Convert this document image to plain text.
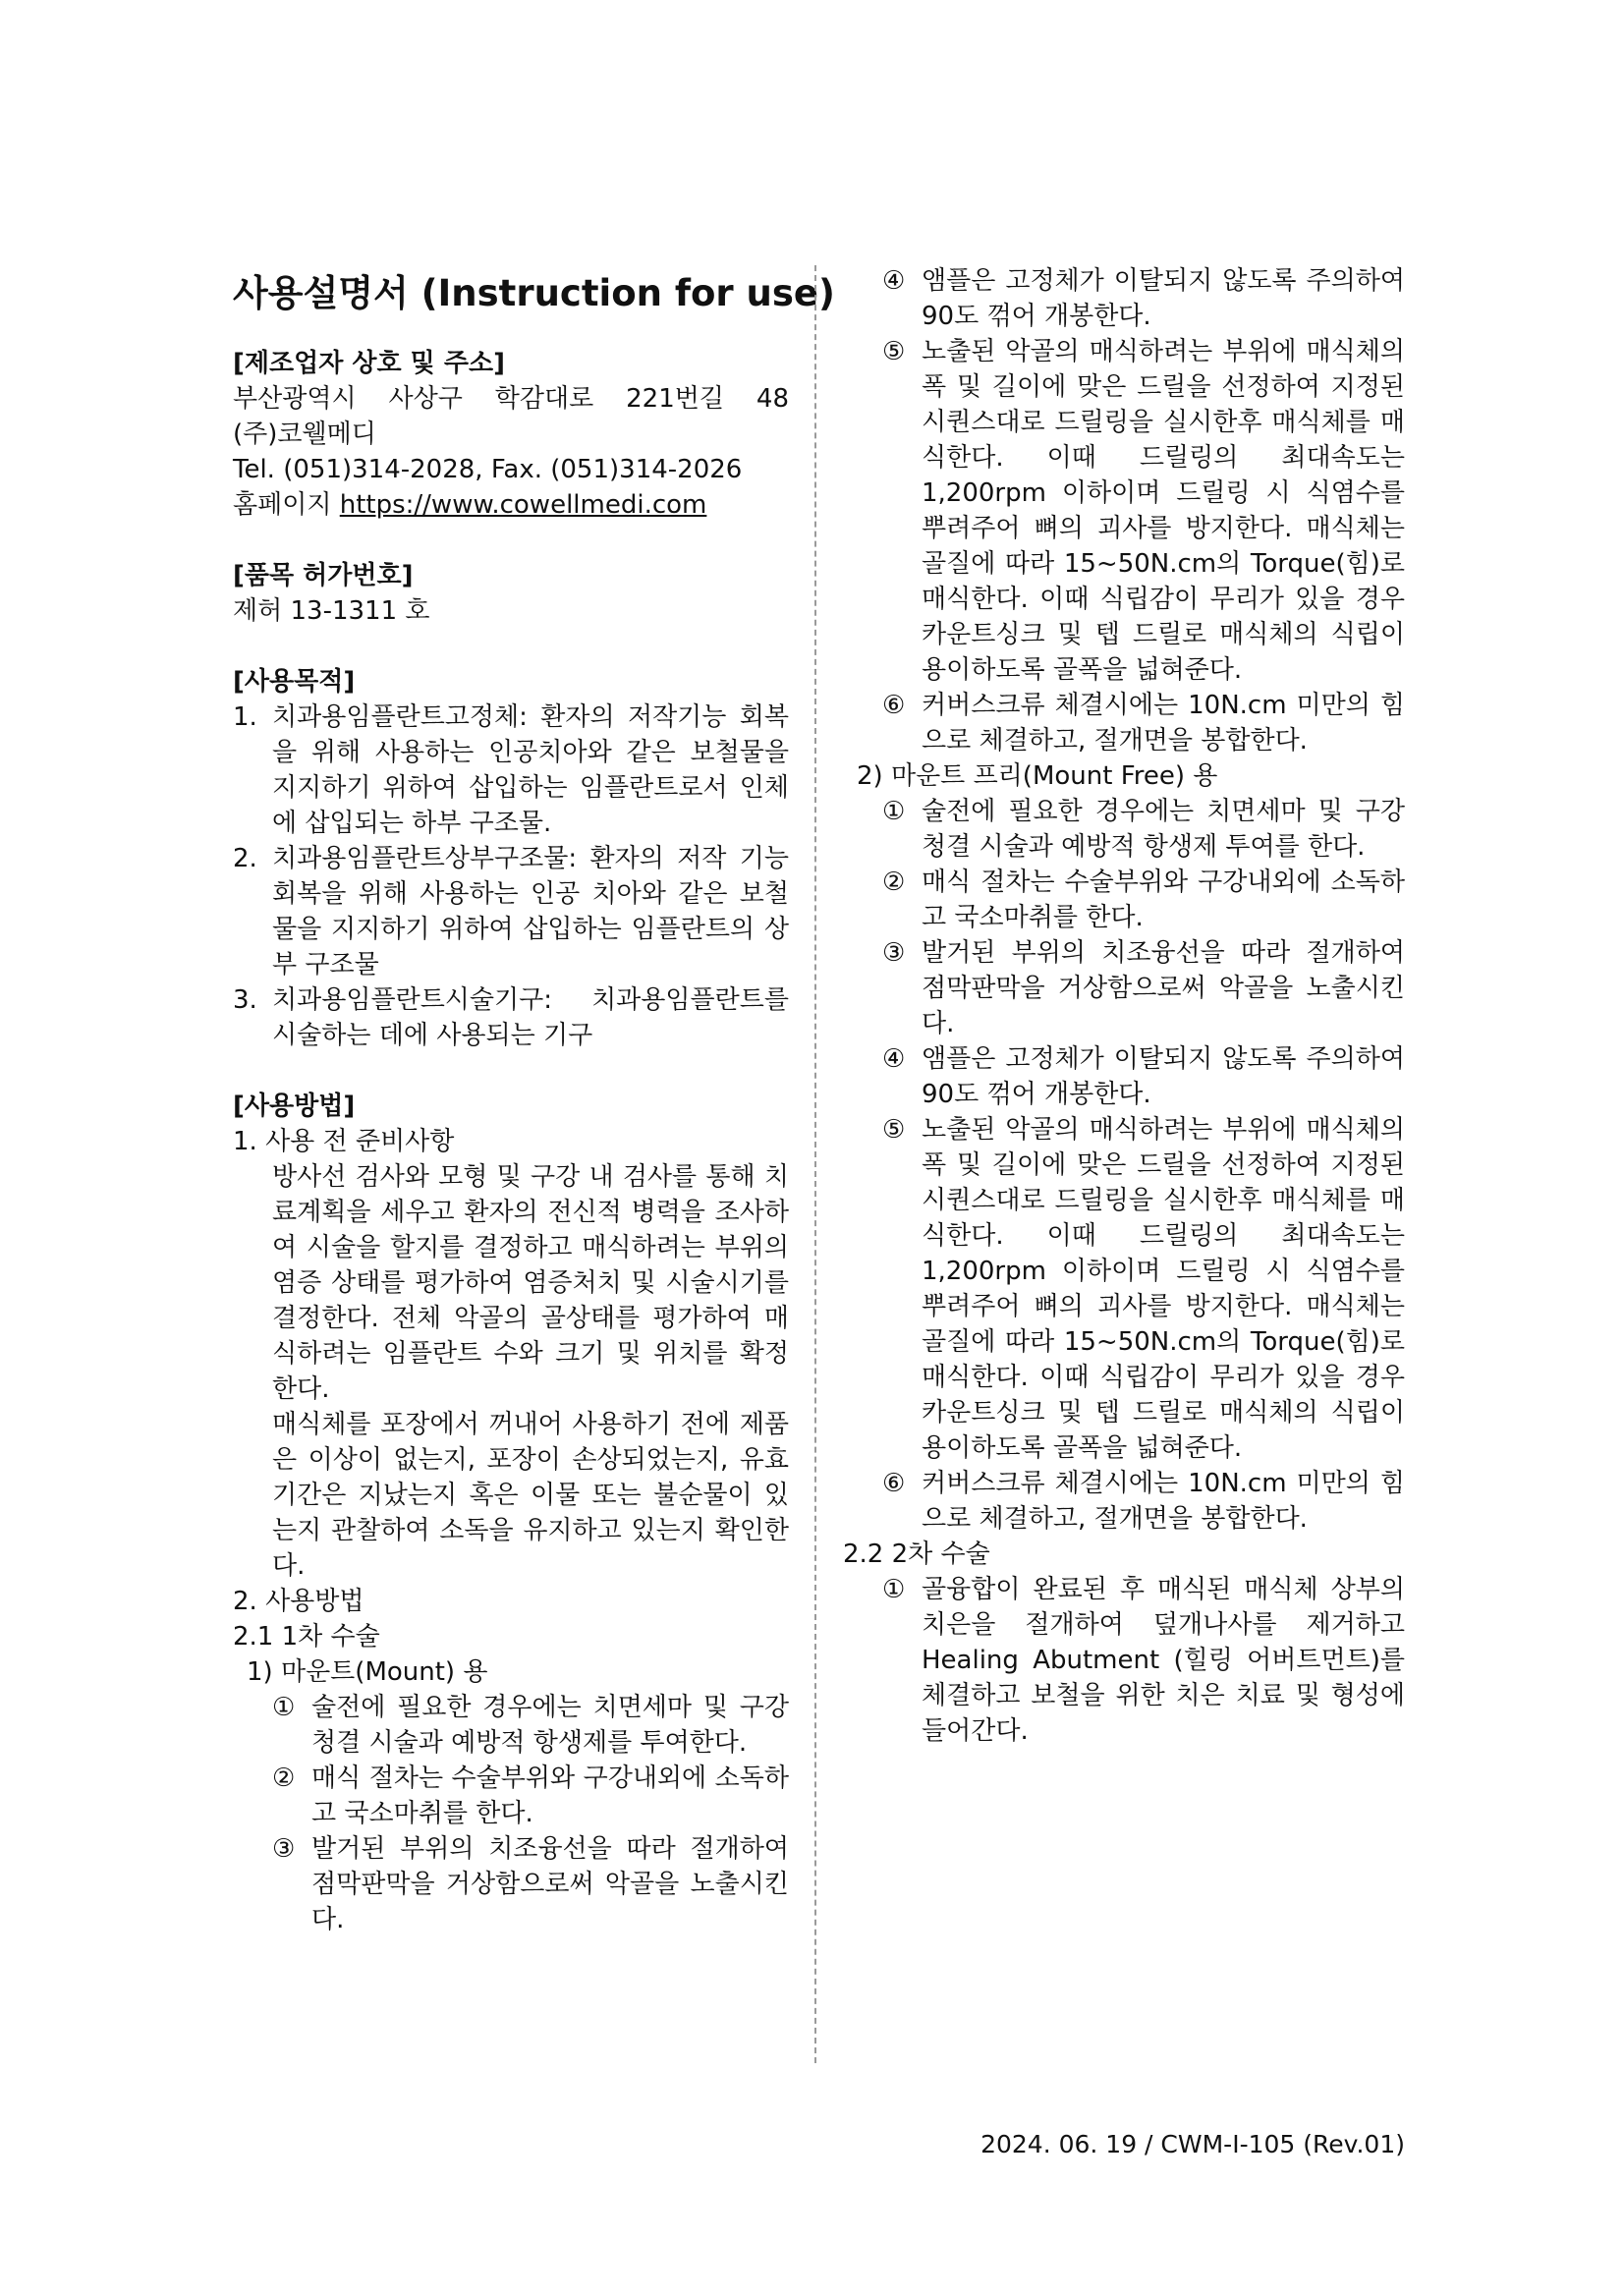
사용설명서 (Instruction for use)

[제조업자 상호 및 주소]

부산광역시 사상구 학감대로 221번길 48

(주)코웰메디

Tel. (051)314-2028, Fax. (051)314-2026

홈페이지 https://www.cowellmedi.com

[품목 허가번호]

제허 13-1311 호

[사용목적]

1. 치과용임플란트고정체: 환자의 저작기능 회복을 위해 사용하는 인공치아와 같은 보철물을 지지하기 위하여 삽입하는 임플란트로서 인체에 삽입되는 하부 구조물.
2. 치과용임플란트상부구조물: 환자의 저작 기능 회복을 위해 사용하는 인공 치아와 같은 보철물을 지지하기 위하여 삽입하는 임플란트의 상부 구조물
3. 치과용임플란트시술기구: 치과용임플란트를 시술하는 데에 사용되는 기구

[사용방법]

1. 사용 전 준비사항

방사선 검사와 모형 및 구강 내 검사를 통해 치료계획을 세우고 환자의 전신적 병력을 조사하여 시술을 할지를 결정하고 매식하려는 부위의 염증 상태를 평가하여 염증처치 및 시술시기를 결정한다. 전체 악골의 골상태를 평가하여 매식하려는 임플란트 수와 크기 및 위치를 확정한다.

매식체를 포장에서 꺼내어 사용하기 전에 제품은 이상이 없는지, 포장이 손상되었는지, 유효기간은 지났는지 혹은 이물 또는 불순물이 있는지 관찰하여 소독을 유지하고 있는지 확인한다.

2. 사용방법

2.1 1차 수술

1) 마운트(Mount) 용

① 술전에 필요한 경우에는 치면세마 및 구강청결 시술과 예방적 항생제를 투여한다.
② 매식 절차는 수술부위와 구강내외에 소독하고 국소마취를 한다.
③ 발거된 부위의 치조융선을 따라 절개하여 점막판막을 거상함으로써 악골을 노출시킨다.
④ 앰플은 고정체가 이탈되지 않도록 주의하여 90도 꺾어 개봉한다.
⑤ 노출된 악골의 매식하려는 부위에 매식체의 폭 및 길이에 맞은 드릴을 선정하여 지정된 시퀀스대로 드릴링을 실시한후 매식체를 매식한다. 이때 드릴링의 최대속도는 1,200rpm 이하이며 드릴링 시 식염수를 뿌려주어 뼈의 괴사를 방지한다. 매식체는 골질에 따라 15~50N.cm의 Torque(힘)로 매식한다. 이때 식립감이 무리가 있을 경우 카운트싱크 및 텝 드릴로 매식체의 식립이 용이하도록 골폭을 넓혀준다.
⑥ 커버스크류 체결시에는 10N.cm 미만의 힘으로 체결하고, 절개면을 봉합한다.

2) 마운트 프리(Mount Free) 용

① 술전에 필요한 경우에는 치면세마 및 구강청결 시술과 예방적 항생제 투여를 한다.
② 매식 절차는 수술부위와 구강내외에 소독하고 국소마취를 한다.
③ 발거된 부위의 치조융선을 따라 절개하여 점막판막을 거상함으로써 악골을 노출시킨다.
④ 앰플은 고정체가 이탈되지 않도록 주의하여 90도 꺾어 개봉한다.
⑤ 노출된 악골의 매식하려는 부위에 매식체의 폭 및 길이에 맞은 드릴을 선정하여 지정된 시퀀스대로 드릴링을 실시한후 매식체를 매식한다. 이때 드릴링의 최대속도는 1,200rpm 이하이며 드릴링 시 식염수를 뿌려주어 뼈의 괴사를 방지한다. 매식체는 골질에 따라 15~50N.cm의 Torque(힘)로 매식한다. 이때 식립감이 무리가 있을 경우 카운트싱크 및 텝 드릴로 매식체의 식립이 용이하도록 골폭을 넓혀준다.
⑥ 커버스크류 체결시에는 10N.cm 미만의 힘으로 체결하고, 절개면을 봉합한다.

2.2 2차 수술

① 골융합이 완료된 후 매식된 매식체 상부의 치은을 절개하여 덮개나사를 제거하고 Healing Abutment (힐링 어버트먼트)를 체결하고 보철을 위한 치은 치료 및 형성에 들어간다.
2024. 06. 19 / CWM-I-105 (Rev.01)
